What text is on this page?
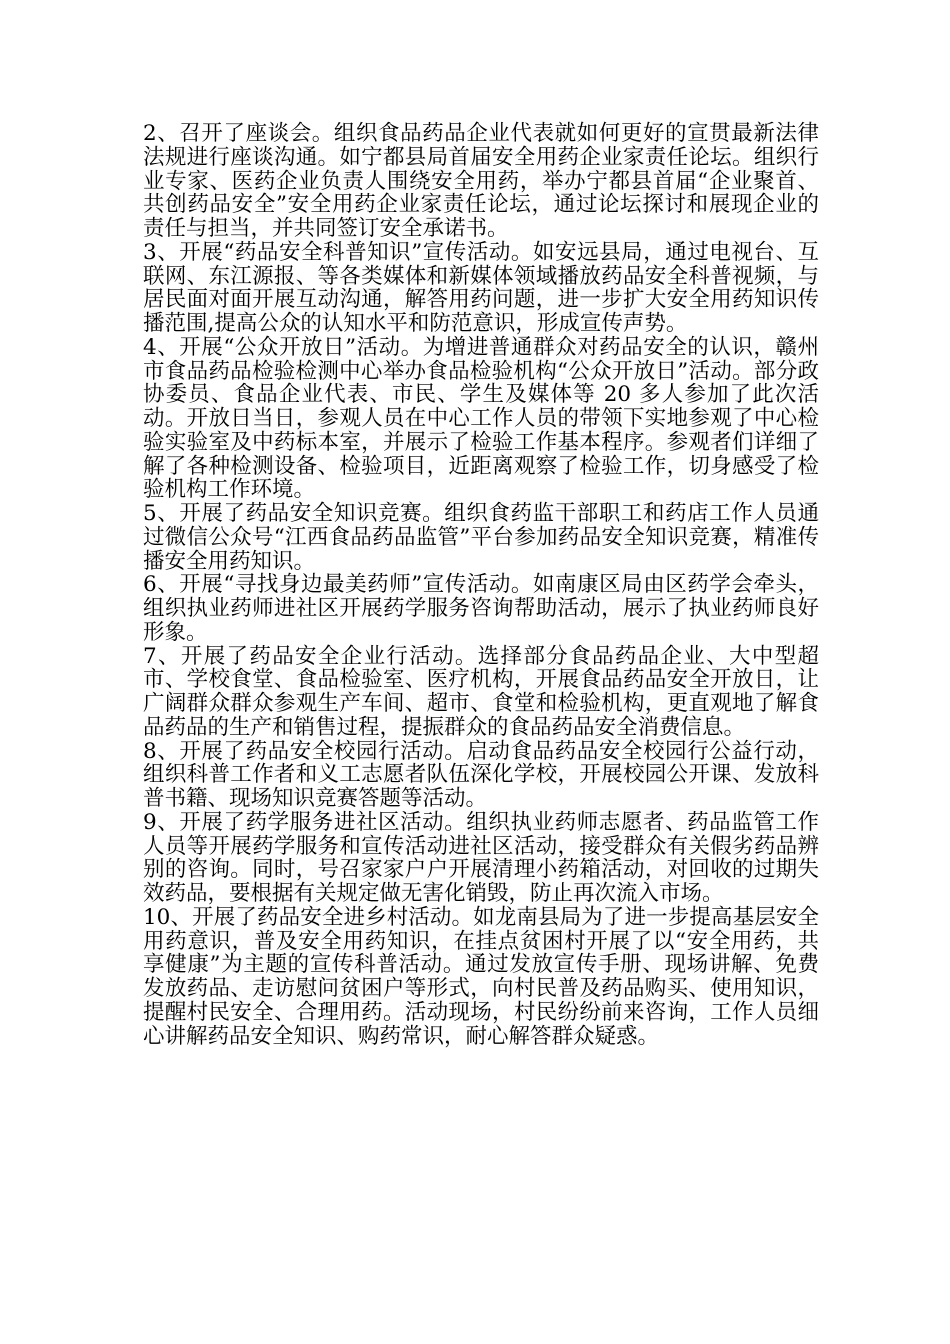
2、召开了座谈会。组织食品药品企业代表就如何更好的宣贯最新法律法规进行座谈沟通。如宁都县局首届安全用药企业家责任论坛。组织行业专家、医药企业负责人围绕安全用药，举办宁都县首届“企业聚首、共创药品安全”安全用药企业家责任论坛，通过论坛探讨和展现企业的责任与担当，并共同签订安全承诺书。

3、开展“药品安全科普知识”宣传活动。如安远县局，通过电视台、互联网、东江源报、等各类媒体和新媒体领域播放药品安全科普视频，与居民面对面开展互动沟通，解答用药问题，进一步扩大安全用药知识传播范围,提高公众的认知水平和防范意识，形成宣传声势。

4、开展“公众开放日”活动。为增进普通群众对药品安全的认识，赣州市食品药品检验检测中心举办食品检验机构“公众开放日”活动。部分政协委员、食品企业代表、市民、学生及媒体等 20 多人参加了此次活动。开放日当日，参观人员在中心工作人员的带领下实地参观了中心检验实验室及中药标本室，并展示了检验工作基本程序。参观者们详细了解了各种检测设备、检验项目，近距离观察了检验工作，切身感受了检验机构工作环境。

5、开展了药品安全知识竞赛。组织食药监干部职工和药店工作人员通过微信公众号“江西食品药品监管”平台参加药品安全知识竞赛，精准传播安全用药知识。

6、开展“寻找身边最美药师”宣传活动。如南康区局由区药学会牵头，组织执业药师进社区开展药学服务咨询帮助活动，展示了执业药师良好形象。

7、开展了药品安全企业行活动。选择部分食品药品企业、大中型超市、学校食堂、食品检验室、医疗机构，开展食品药品安全开放日，让广阔群众群众参观生产车间、超市、食堂和检验机构，更直观地了解食品药品的生产和销售过程，提振群众的食品药品安全消费信息。

8、开展了药品安全校园行活动。启动食品药品安全校园行公益行动，组织科普工作者和义工志愿者队伍深化学校，开展校园公开课、发放科普书籍、现场知识竞赛答题等活动。

9、开展了药学服务进社区活动。组织执业药师志愿者、药品监管工作人员等开展药学服务和宣传活动进社区活动，接受群众有关假劣药品辨别的咨询。同时，号召家家户户开展清理小药箱活动，对回收的过期失效药品，要根据有关规定做无害化销毁，防止再次流入市场。

10、开展了药品安全进乡村活动。如龙南县局为了进一步提高基层安全用药意识，普及安全用药知识，在挂点贫困村开展了以“安全用药，共享健康”为主题的宣传科普活动。通过发放宣传手册、现场讲解、免费发放药品、走访慰问贫困户等形式，向村民普及药品购买、使用知识，提醒村民安全、合理用药。活动现场，村民纷纷前来咨询，工作人员细心讲解药品安全知识、购药常识，耐心解答群众疑惑。
